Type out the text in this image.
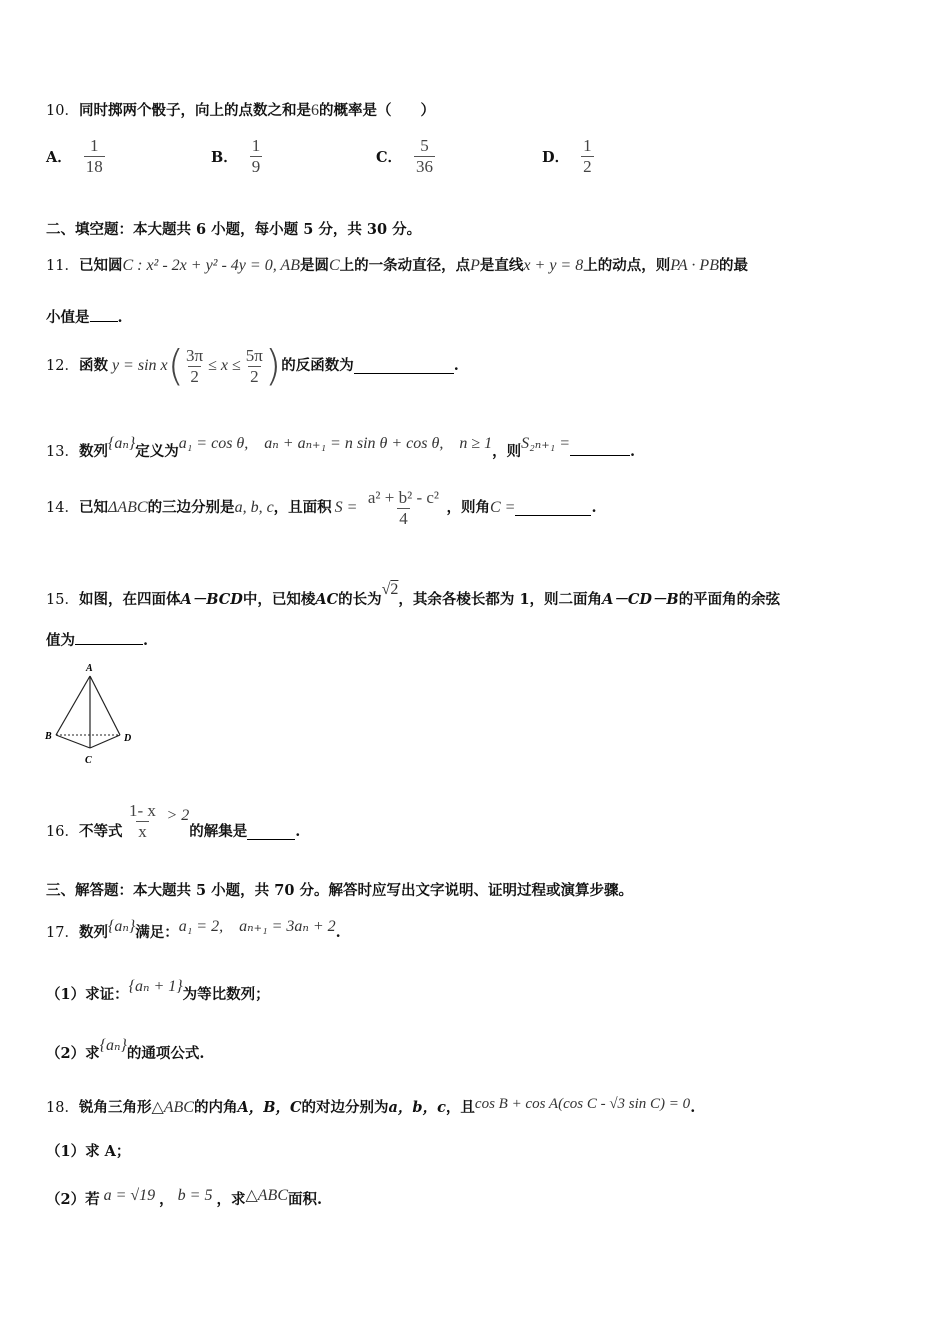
10．同时掷两个骰子，向上的点数之和是6的概率是（　　）
A． $\frac{1}{18}$	B． $\frac{1}{9}$	C． $\frac{5}{36}$	D． $\frac{1}{2}$
二、填空题：本大题共 6 小题，每小题 5 分，共 30 分。
11．已知圆C : x² - 2x + y² - 4y = 0, AB是圆C上的一条动直径，点P是直线x + y = 8上的动点，则PA · PB的最
小值是 .
12． 函数 y = sin x ( $\frac{3\pi}{2} \le x \le \frac{5\pi}{2}$ ) 的反函数为	.
13．数列{aₙ}定义为a₁ = cos θ,　aₙ + aₙ₊₁ = n sin θ + cos θ,　n ≥ 1，则S₂ₙ₊₁ =	.
14． 已知 ΔABC 的三边分别是 a, b, c ，且面积 $S = \frac{\text{a² + b² - c²}}{4}$ ，则角 C =	.
15．如图，在四面体A－BCD中，已知棱AC的长为√2，其余各棱长都为 1，则二面角A－CD－B的平面角的余弦
值为	.
A
B
C
D
16． 不等式 $\frac{1- x}{x} > 2$
的解集是	.
三、解答题：本大题共 5 小题，共 70 分。解答时应写出文字说明、证明过程或演算步骤。
17．数列{aₙ}满足：a₁ = 2,　aₙ₊₁ = 3aₙ + 2.
（1）求证：{aₙ + 1}为等比数列；
（2）求{aₙ}的通项公式.
18．锐角三角形△ABC的内角A，B，C的对边分别为a，b，c，且cos B + cos A(cos C - √3 sin C) = 0.
（1）求 A；
（2）若 a = √19 ， b = 5 ，求△ABC面积.
